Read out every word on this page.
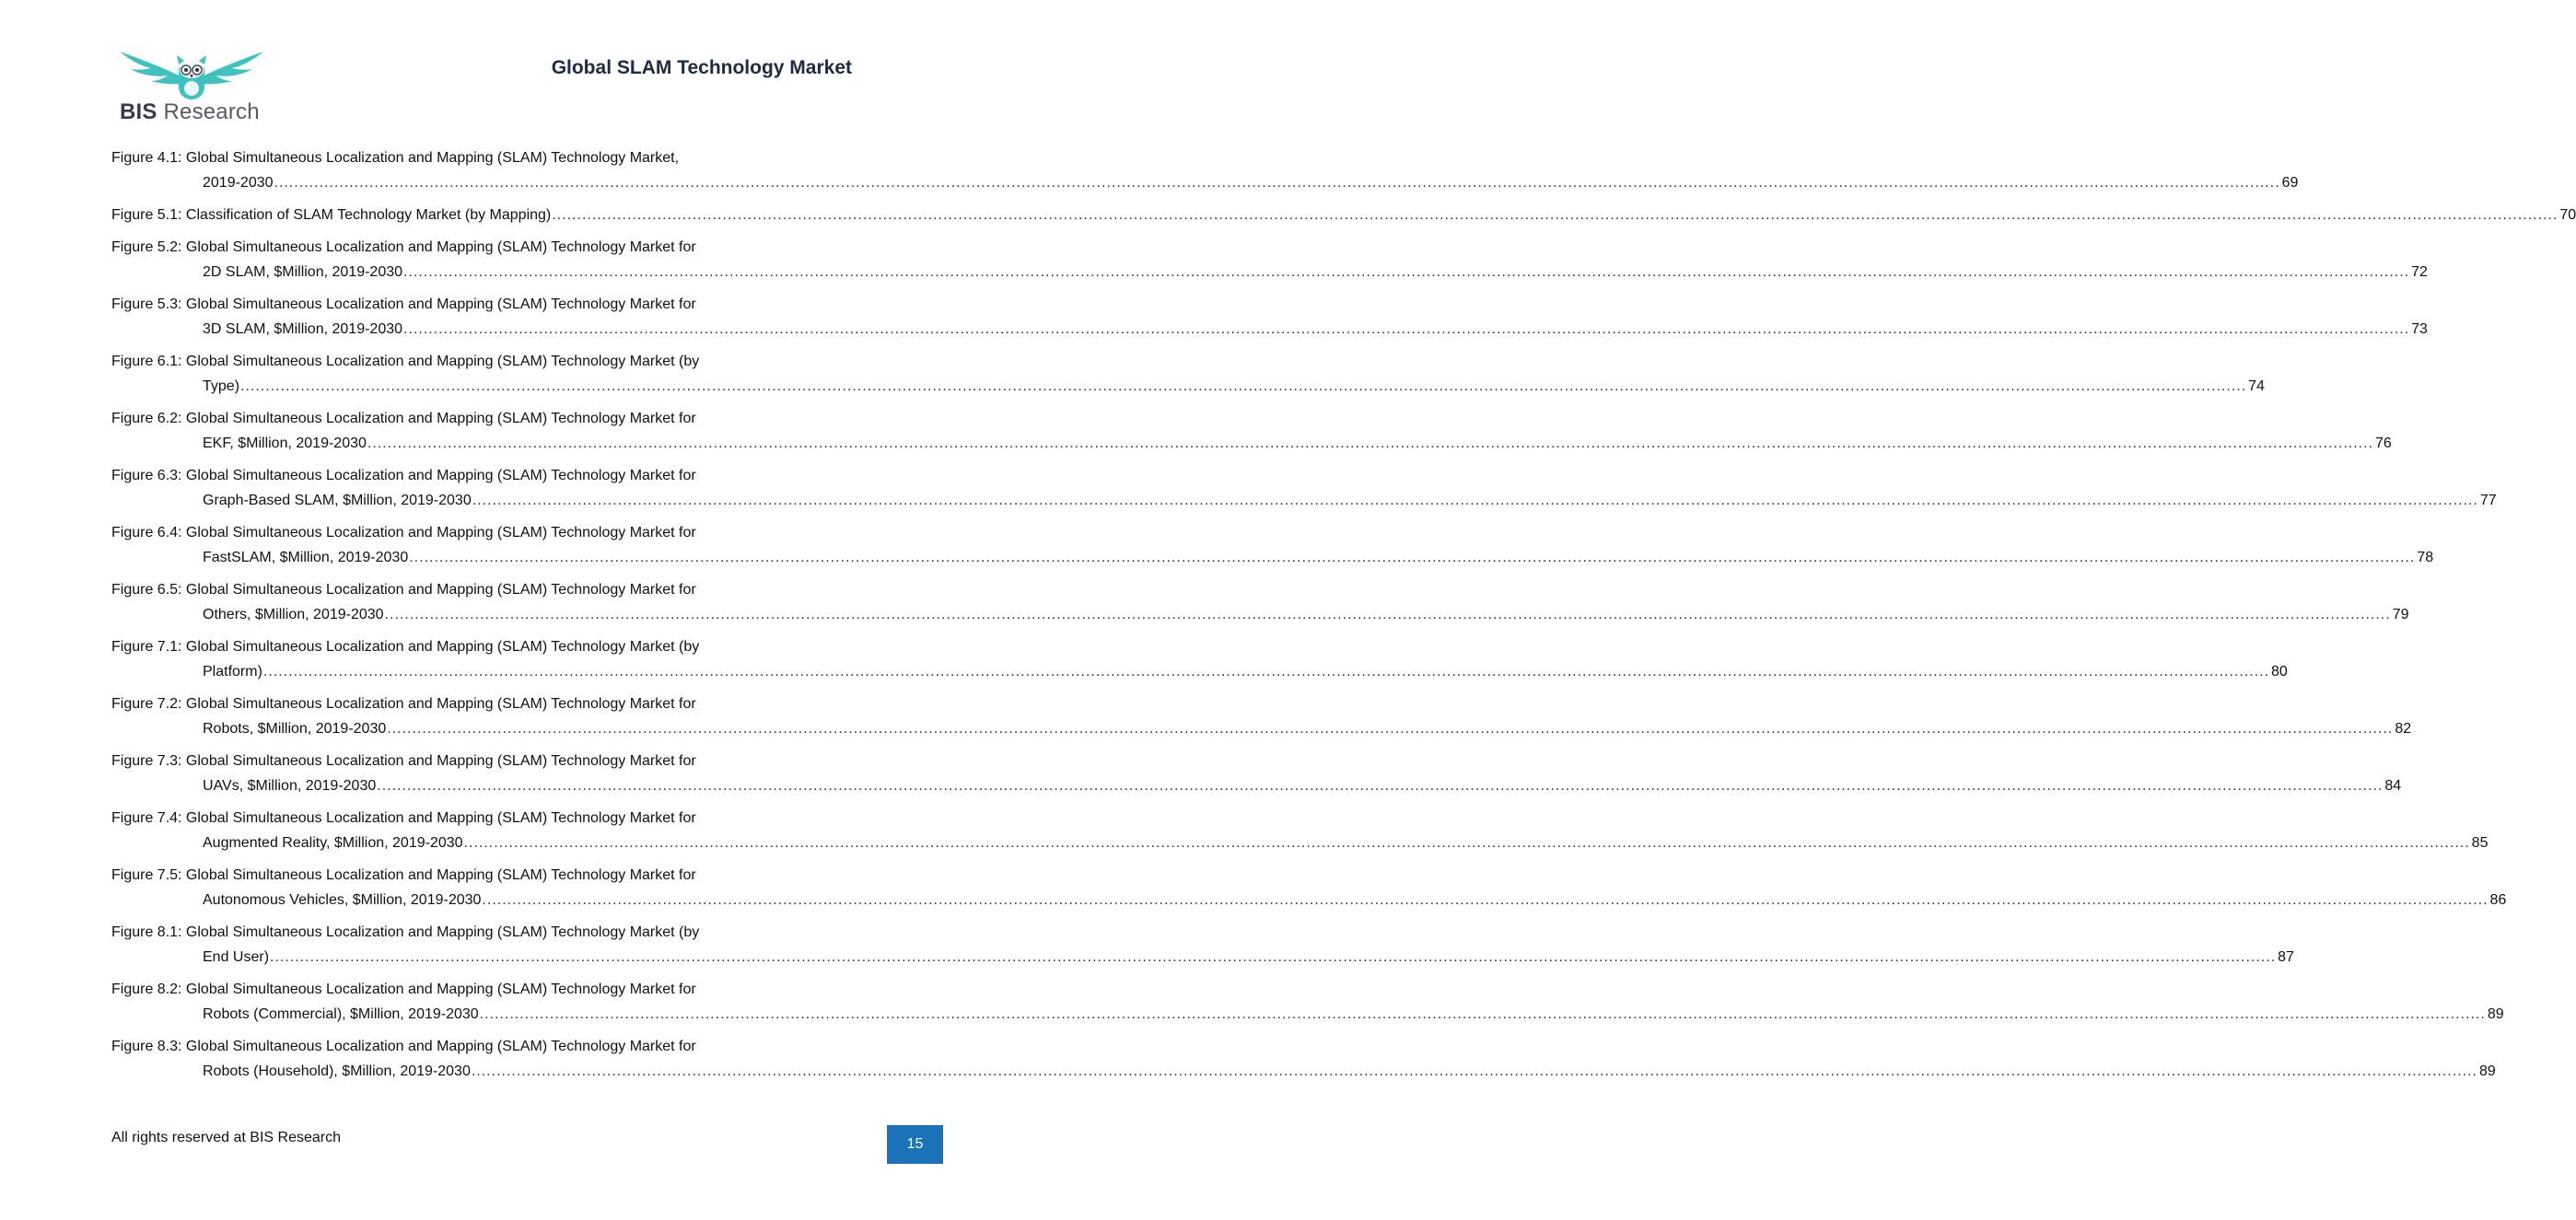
BIS Research
Global SLAM Technology Market
Figure 4.1: Global Simultaneous Localization and Mapping (SLAM) Technology Market,
2019-2030 ................................................................................................................................................................................................................................................................................................................................................................................................................ 69
Figure 5.1: Classification of SLAM Technology Market (by Mapping) ................................................................................................................................................................................................................................................................................................................................................................................................................ 70
Figure 5.2: Global Simultaneous Localization and Mapping (SLAM) Technology Market for
2D SLAM, $Million, 2019-2030 ................................................................................................................................................................................................................................................................................................................................................................................................................ 72
Figure 5.3: Global Simultaneous Localization and Mapping (SLAM) Technology Market for
3D SLAM, $Million, 2019-2030 ................................................................................................................................................................................................................................................................................................................................................................................................................ 73
Figure 6.1: Global Simultaneous Localization and Mapping (SLAM) Technology Market (by
Type) ................................................................................................................................................................................................................................................................................................................................................................................................................ 74
Figure 6.2: Global Simultaneous Localization and Mapping (SLAM) Technology Market for
EKF, $Million, 2019-2030 ................................................................................................................................................................................................................................................................................................................................................................................................................ 76
Figure 6.3: Global Simultaneous Localization and Mapping (SLAM) Technology Market for
Graph-Based SLAM, $Million, 2019-2030 ................................................................................................................................................................................................................................................................................................................................................................................................................ 77
Figure 6.4: Global Simultaneous Localization and Mapping (SLAM) Technology Market for
FastSLAM, $Million, 2019-2030 ................................................................................................................................................................................................................................................................................................................................................................................................................ 78
Figure 6.5: Global Simultaneous Localization and Mapping (SLAM) Technology Market for
Others, $Million, 2019-2030 ................................................................................................................................................................................................................................................................................................................................................................................................................ 79
Figure 7.1: Global Simultaneous Localization and Mapping (SLAM) Technology Market (by
Platform) ................................................................................................................................................................................................................................................................................................................................................................................................................ 80
Figure 7.2: Global Simultaneous Localization and Mapping (SLAM) Technology Market for
Robots, $Million, 2019-2030 ................................................................................................................................................................................................................................................................................................................................................................................................................ 82
Figure 7.3: Global Simultaneous Localization and Mapping (SLAM) Technology Market for
UAVs, $Million, 2019-2030 ................................................................................................................................................................................................................................................................................................................................................................................................................ 84
Figure 7.4: Global Simultaneous Localization and Mapping (SLAM) Technology Market for
Augmented Reality, $Million, 2019-2030 ................................................................................................................................................................................................................................................................................................................................................................................................................ 85
Figure 7.5: Global Simultaneous Localization and Mapping (SLAM) Technology Market for
Autonomous Vehicles, $Million, 2019-2030 ................................................................................................................................................................................................................................................................................................................................................................................................................ 86
Figure 8.1: Global Simultaneous Localization and Mapping (SLAM) Technology Market (by
End User) ................................................................................................................................................................................................................................................................................................................................................................................................................ 87
Figure 8.2: Global Simultaneous Localization and Mapping (SLAM) Technology Market for
Robots (Commercial), $Million, 2019-2030 ................................................................................................................................................................................................................................................................................................................................................................................................................ 89
Figure 8.3: Global Simultaneous Localization and Mapping (SLAM) Technology Market for
Robots (Household), $Million, 2019-2030 ................................................................................................................................................................................................................................................................................................................................................................................................................ 89
All rights reserved at BIS Research	15
